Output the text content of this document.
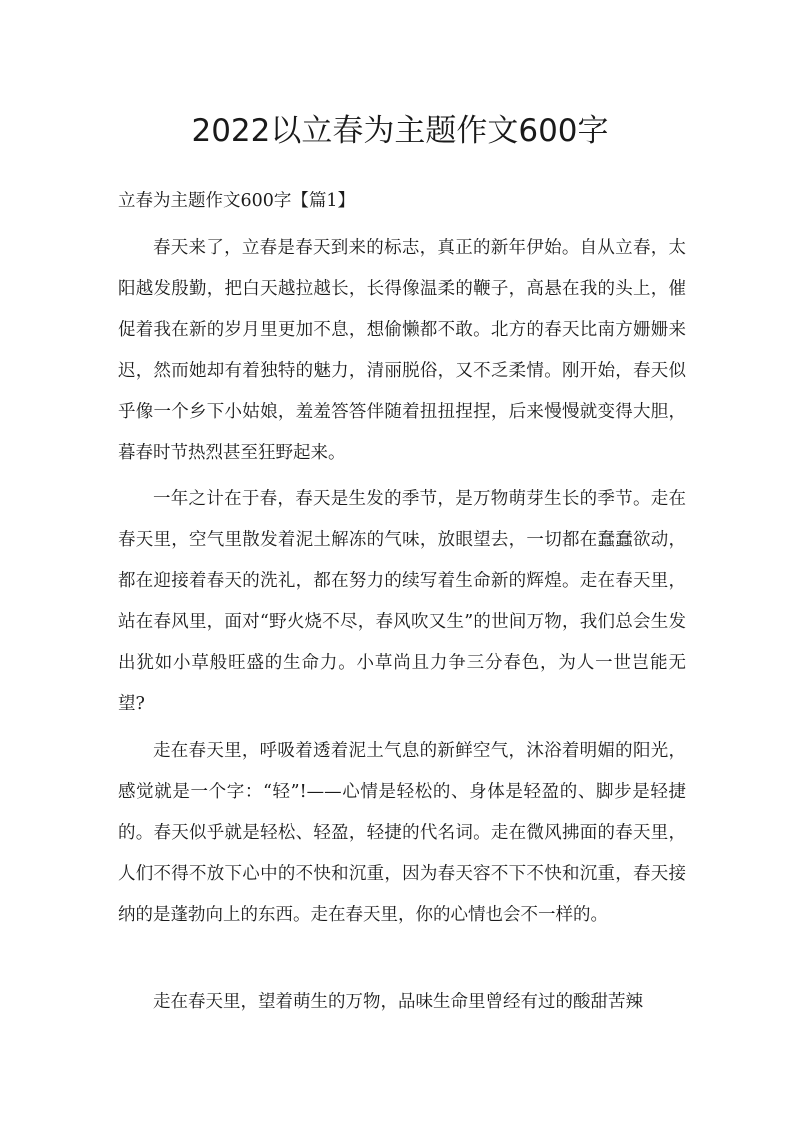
2022以立春为主题作文600字

立春为主题作文600字【篇1】

春天来了，立春是春天到来的标志，真正的新年伊始。自从立春，太阳越发殷勤，把白天越拉越长，长得像温柔的鞭子，高悬在我的头上，催促着我在新的岁月里更加不息，想偷懒都不敢。北方的春天比南方姗姗来迟，然而她却有着独特的魅力，清丽脱俗，又不乏柔情。刚开始，春天似乎像一个乡下小姑娘，羞羞答答伴随着扭扭捏捏，后来慢慢就变得大胆，暮春时节热烈甚至狂野起来。

一年之计在于春，春天是生发的季节，是万物萌芽生长的季节。走在春天里，空气里散发着泥土解冻的气味，放眼望去，一切都在蠢蠢欲动，都在迎接着春天的洗礼，都在努力的续写着生命新的辉煌。走在春天里，站在春风里，面对“野火烧不尽，春风吹又生”的世间万物，我们总会生发出犹如小草般旺盛的生命力。小草尚且力争三分春色，为人一世岂能无望?

走在春天里，呼吸着透着泥土气息的新鲜空气，沐浴着明媚的阳光，感觉就是一个字：“轻”!——心情是轻松的、身体是轻盈的、脚步是轻捷的。春天似乎就是轻松、轻盈，轻捷的代名词。走在微风拂面的春天里，人们不得不放下心中的不快和沉重，因为春天容不下不快和沉重，春天接纳的是蓬勃向上的东西。走在春天里，你的心情也会不一样的。

走在春天里，望着萌生的万物，品味生命里曾经有过的酸甜苦辣
